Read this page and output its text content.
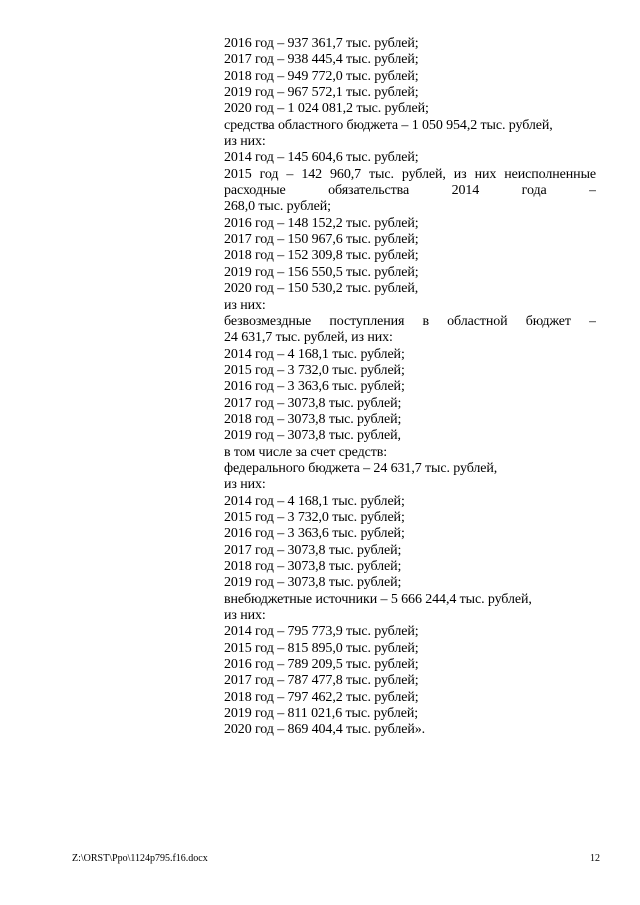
2016 год – 937 361,7 тыс. рублей;
2017 год – 938 445,4 тыс. рублей;
2018 год – 949 772,0 тыс. рублей;
2019 год – 967 572,1 тыс. рублей;
2020 год – 1 024 081,2 тыс. рублей;
средства областного бюджета – 1 050 954,2 тыс. рублей,
из них:
2014 год – 145 604,6 тыс. рублей;
2015 год – 142 960,7 тыс. рублей, из них неисполненные
расходные обязательства 2014 года –
268,0 тыс. рублей;
2016 год – 148 152,2 тыс. рублей;
2017 год – 150 967,6 тыс. рублей;
2018 год – 152 309,8 тыс. рублей;
2019 год – 156 550,5 тыс. рублей;
2020 год – 150 530,2 тыс. рублей,
из них:
безвозмездные поступления в областной бюджет –
24 631,7 тыс. рублей, из них:
2014 год – 4 168,1 тыс. рублей;
2015 год – 3 732,0 тыс. рублей;
2016 год – 3 363,6 тыс. рублей;
2017 год – 3073,8 тыс. рублей;
2018 год – 3073,8 тыс. рублей;
2019 год – 3073,8 тыс. рублей,
в том числе за счет средств:
федерального бюджета – 24 631,7 тыс. рублей,
из них:
2014 год – 4 168,1 тыс. рублей;
2015 год – 3 732,0 тыс. рублей;
2016 год – 3 363,6 тыс. рублей;
2017 год – 3073,8 тыс. рублей;
2018 год – 3073,8 тыс. рублей;
2019 год – 3073,8 тыс. рублей;
внебюджетные источники – 5 666 244,4 тыс. рублей,
из них:
2014 год – 795 773,9 тыс. рублей;
2015 год – 815 895,0 тыс. рублей;
2016 год – 789 209,5 тыс. рублей;
2017 год – 787 477,8 тыс. рублей;
2018 год – 797 462,2 тыс. рублей;
2019 год – 811 021,6 тыс. рублей;
2020 год – 869 404,4 тыс. рублей».
Z:\ORST\Ppo\1124p795.f16.docx	12
